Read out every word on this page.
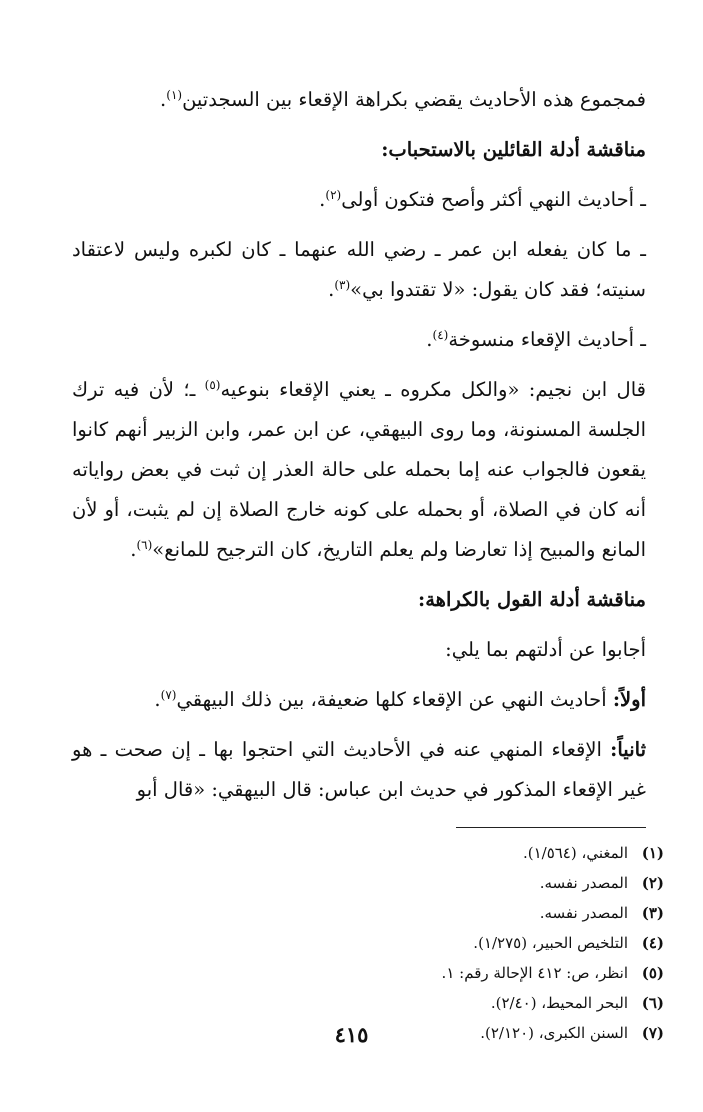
فمجموع هذه الأحاديث يقضي بكراهة الإقعاء بين السجدتين$^{(١)}$.

مناقشة أدلة القائلين بالاستحباب:

ـ أحاديث النهي أكثر وأصح فتكون أولى$^{(٢)}$.

ـ ما كان يفعله ابن عمر ـ رضي الله عنهما ـ كان لكبره وليس لاعتقاد سنيته؛ فقد كان يقول: «لا تقتدوا بي»$^{(٣)}$.

ـ أحاديث الإقعاء منسوخة$^{(٤)}$.

قال ابن نجيم: «والكل مكروه ـ يعني الإقعاء بنوعيه$^{(٥)}$ ـ؛ لأن فيه ترك الجلسة المسنونة، وما روى البيهقي، عن ابن عمر، وابن الزبير أنهم كانوا يقعون فالجواب عنه إما بحمله على حالة العذر إن ثبت في بعض رواياته أنه كان في الصلاة، أو بحمله على كونه خارج الصلاة إن لم يثبت، أو لأن المانع والمبيح إذا تعارضا ولم يعلم التاريخ، كان الترجيح للمانع»$^{(٦)}$.

مناقشة أدلة القول بالكراهة:

أجابوا عن أدلتهم بما يلي:

أولاً: أحاديث النهي عن الإقعاء كلها ضعيفة، بين ذلك البيهقي$^{(٧)}$.

ثانياً: الإقعاء المنهي عنه في الأحاديث التي احتجوا بها ـ إن صحت ـ هو غير الإقعاء المذكور في حديث ابن عباس: قال البيهقي: «قال أبو

(١)المغني، (١/٥٦٤).
(٢)المصدر نفسه.
(٣)المصدر نفسه.
(٤)التلخيص الحبير، (١/٢٧٥).
(٥)انظر، ص: ٤١٢ الإحالة رقم: ١.
(٦)البحر المحيط، (٢/٤٠).
(٧)السنن الكبرى، (٢/١٢٠).
٤١٥
